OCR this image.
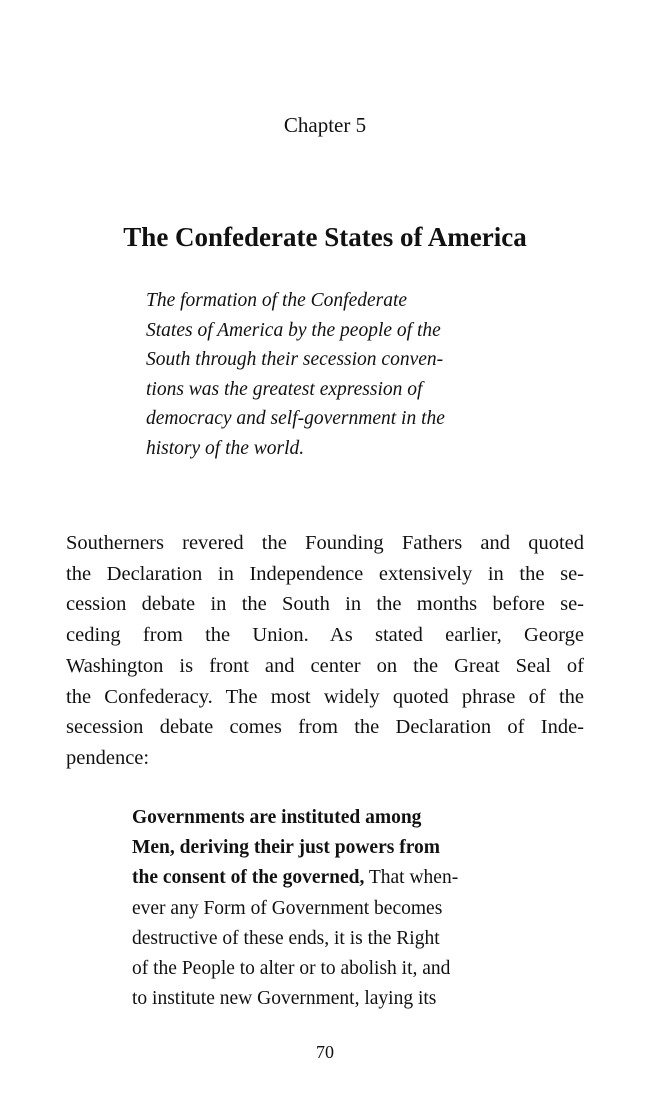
Chapter 5
The Confederate States of America
The formation of the Confederate
States of America by the people of the
South through their secession conven-
tions was the greatest expression of
democracy and self-government in the
history of the world.
Southerners revered the Founding Fathers and quoted
the Declaration in Independence extensively in the se-
cession debate in the South in the months before se-
ceding from the Union. As stated earlier, George
Washington is front and center on the Great Seal of
the Confederacy. The most widely quoted phrase of the
secession debate comes from the Declaration of Inde-
pendence:
Governments are instituted among
Men, deriving their just powers from
the consent of the governed, That when-
ever any Form of Government becomes
destructive of these ends, it is the Right
of the People to alter or to abolish it, and
to institute new Government, laying its
70
